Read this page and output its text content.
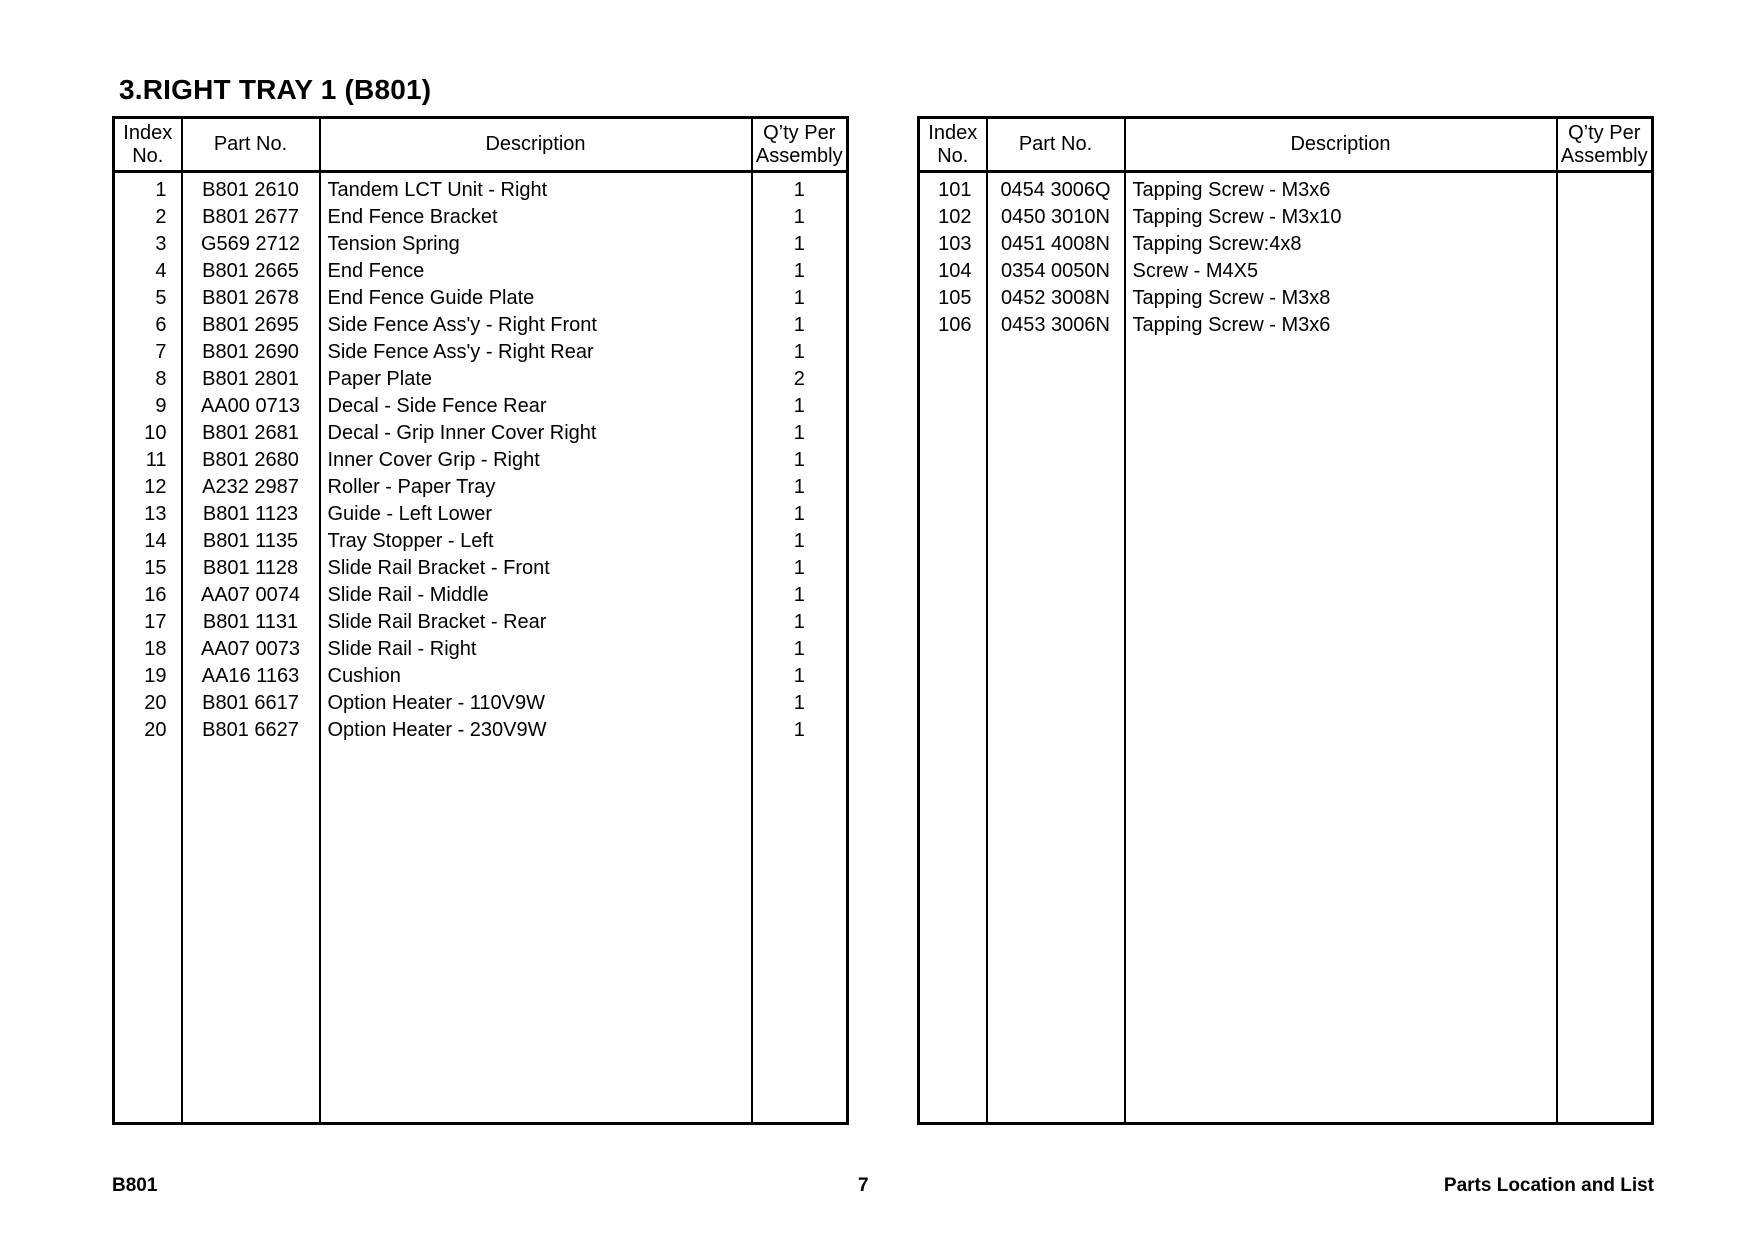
3.RIGHT TRAY 1 (B801)
Index
No.	Part No.	Description	Q’ty Per
Assembly
1	B801 2610	Tandem LCT Unit - Right	1
2	B801 2677	End Fence Bracket	1
3	G569 2712	Tension Spring	1
4	B801 2665	End Fence	1
5	B801 2678	End Fence Guide Plate	1
6	B801 2695	Side Fence Ass'y - Right Front	1
7	B801 2690	Side Fence Ass'y - Right Rear	1
8	B801 2801	Paper Plate	2
9	AA00 0713	Decal - Side Fence Rear	1
10	B801 2681	Decal - Grip Inner Cover Right	1
11	B801 2680	Inner Cover Grip - Right	1
12	A232 2987	Roller - Paper Tray	1
13	B801 1123	Guide - Left Lower	1
14	B801 1135	Tray Stopper - Left	1
15	B801 1128	Slide Rail Bracket - Front	1
16	AA07 0074	Slide Rail - Middle	1
17	B801 1131	Slide Rail Bracket - Rear	1
18	AA07 0073	Slide Rail - Right	1
19	AA16 1163	Cushion	1
20	B801 6617	Option Heater - 110V9W	1
20	B801 6627	Option Heater - 230V9W	1

Index
No.	Part No.	Description	Q’ty Per
Assembly
101	0454 3006Q	Tapping Screw - M3x6	
102	0450 3010N	Tapping Screw - M3x10	
103	0451 4008N	Tapping Screw:4x8	
104	0354 0050N	Screw - M4X5	
105	0452 3008N	Tapping Screw - M3x8	
106	0453 3006N	Tapping Screw - M3x6	

B801	7	Parts Location and List
